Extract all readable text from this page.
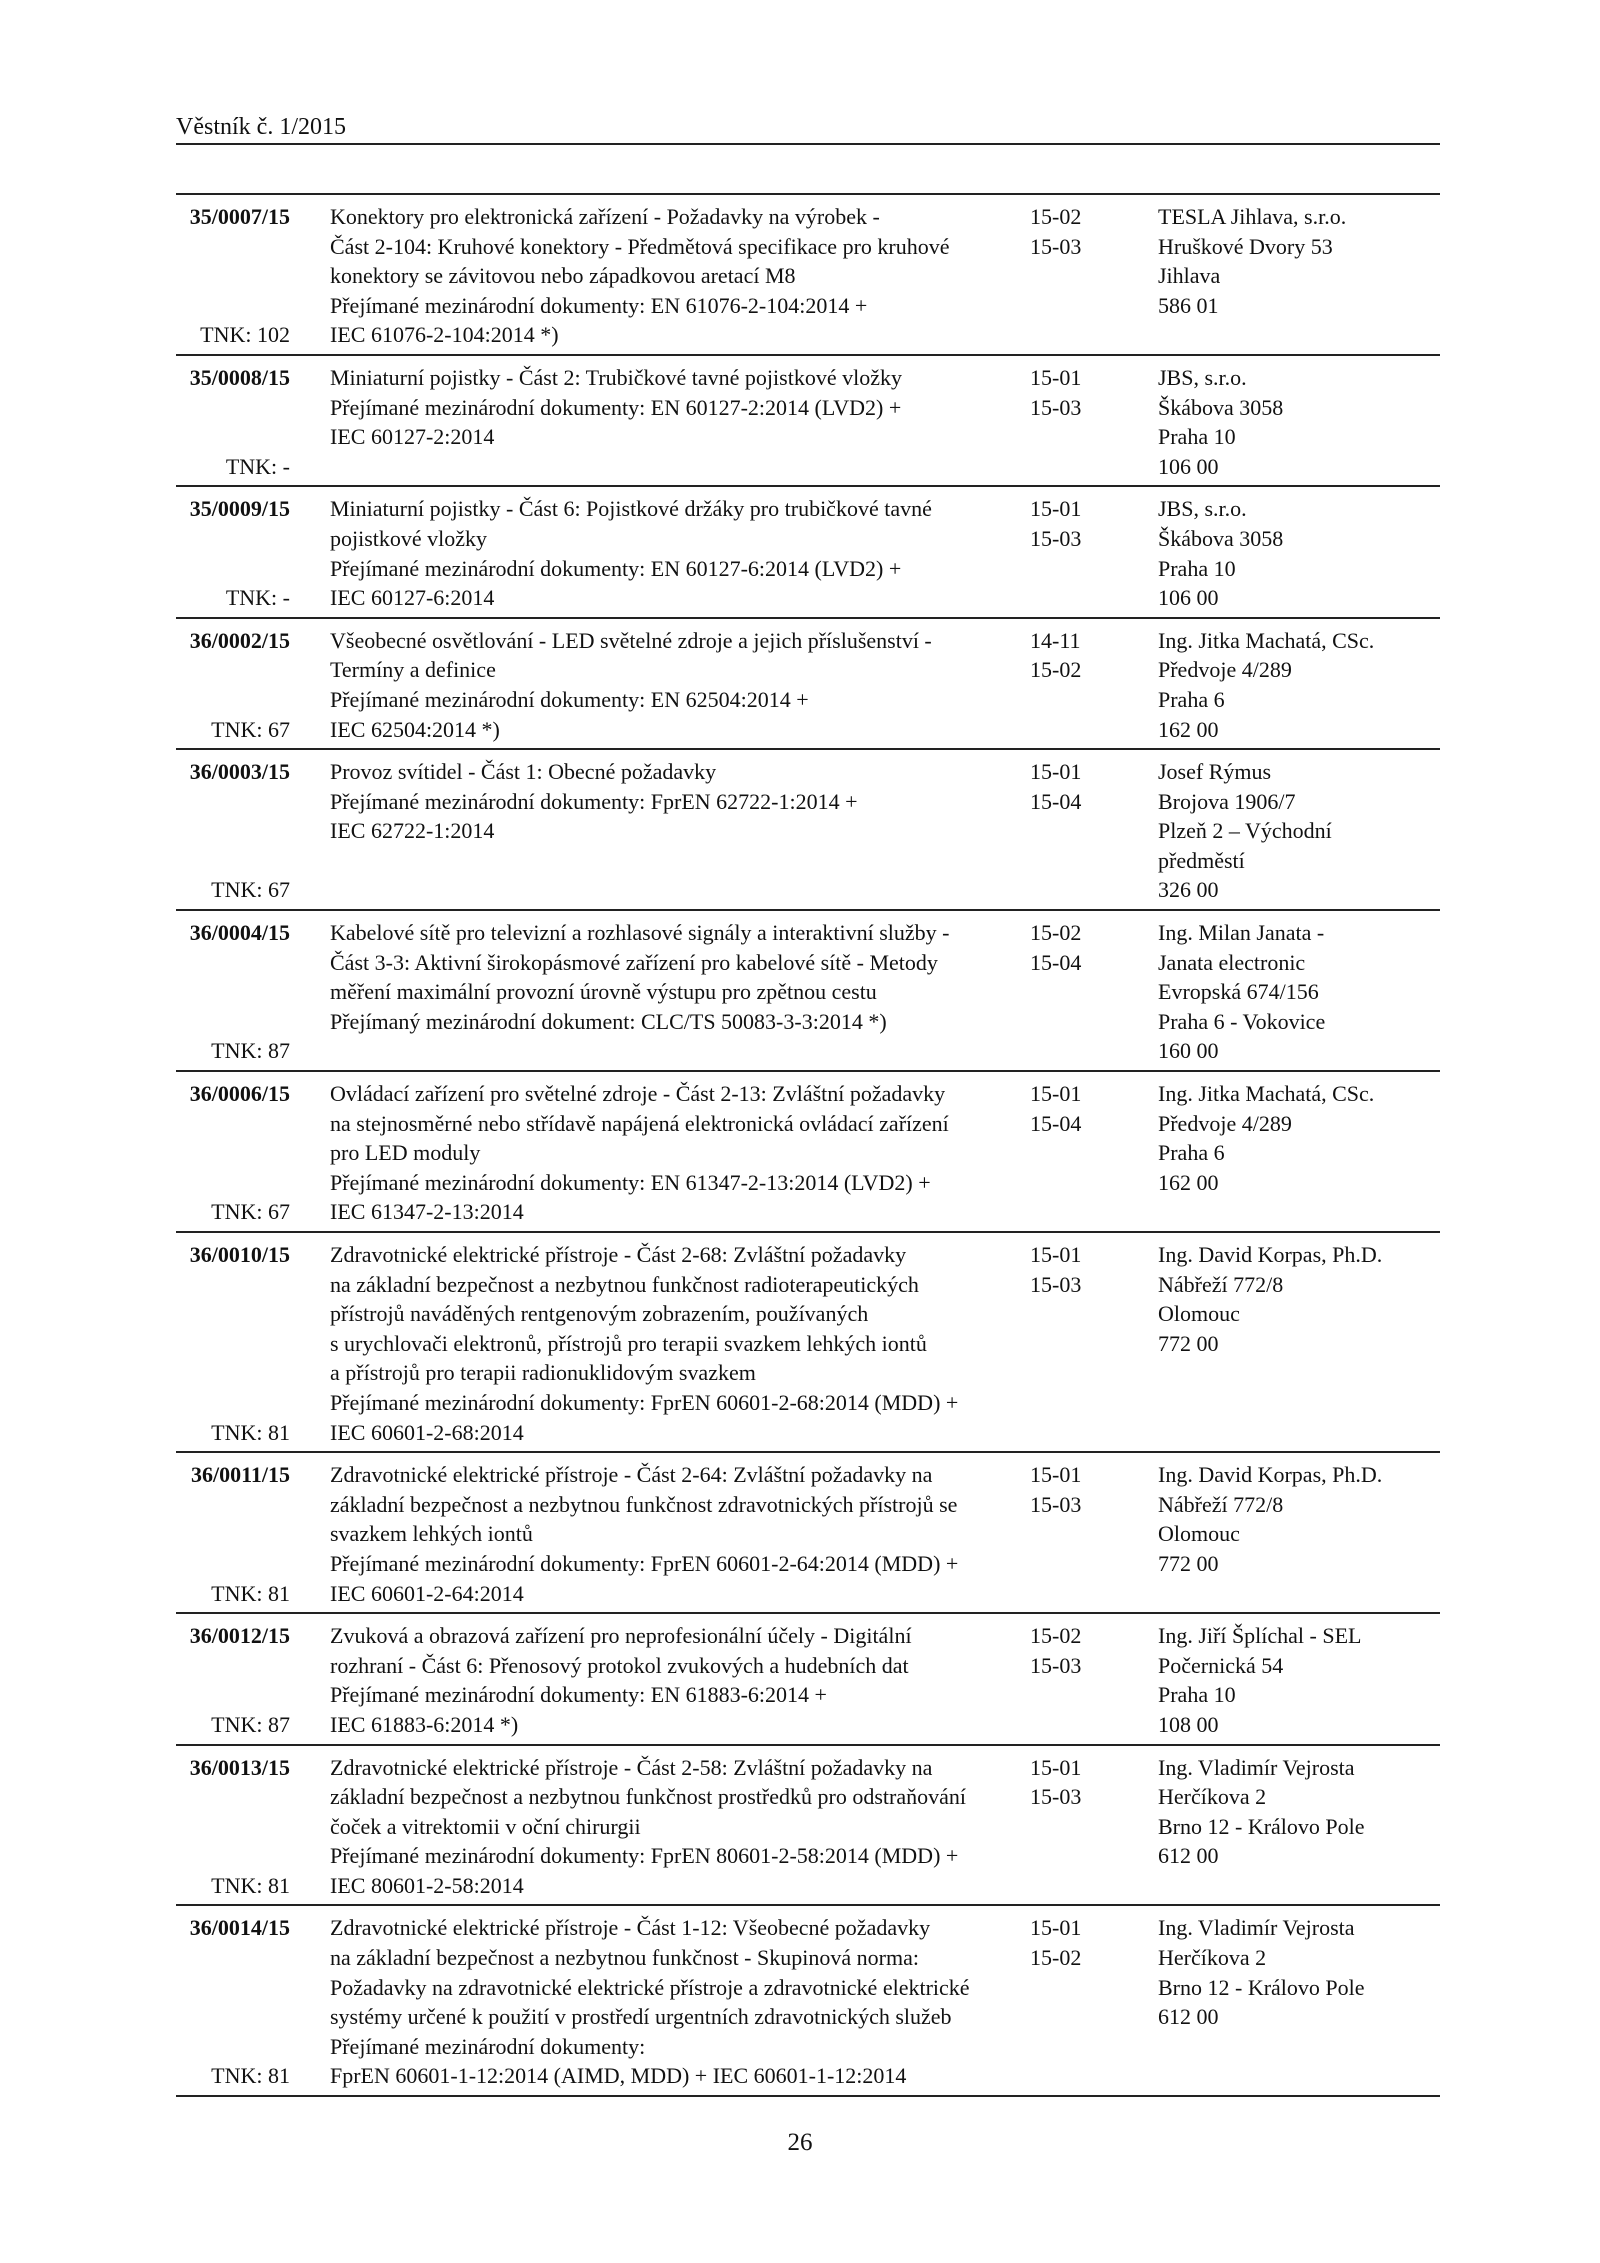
Věstník č. 1/2015
35/0007/15
TNK: 102
Konektory pro elektronická zařízení - Požadavky na výrobek -
Část 2-104: Kruhové konektory - Předmětová specifikace pro kruhové
konektory se závitovou nebo západkovou aretací M8
Přejímané mezinárodní dokumenty: EN 61076-2-104:2014 +
IEC 61076-2-104:2014 *)
15-02
15-03
TESLA Jihlava, s.r.o.
Hruškové Dvory 53
Jihlava
586 01
35/0008/15
TNK: -
Miniaturní pojistky - Část 2: Trubičkové tavné pojistkové vložky
Přejímané mezinárodní dokumenty: EN 60127-2:2014 (LVD2) +
IEC 60127-2:2014
15-01
15-03
JBS, s.r.o.
Škábova 3058
Praha 10
106 00
35/0009/15
TNK: -
Miniaturní pojistky - Část 6: Pojistkové držáky pro trubičkové tavné
pojistkové vložky
Přejímané mezinárodní dokumenty: EN 60127-6:2014 (LVD2) +
IEC 60127-6:2014
15-01
15-03
JBS, s.r.o.
Škábova 3058
Praha 10
106 00
36/0002/15
TNK: 67
Všeobecné osvětlování - LED světelné zdroje a jejich příslušenství -
Termíny a definice
Přejímané mezinárodní dokumenty: EN 62504:2014 +
IEC 62504:2014 *)
14-11
15-02
Ing. Jitka Machatá, CSc.
Předvoje 4/289
Praha 6
162 00
36/0003/15
TNK: 67
Provoz svítidel - Část 1: Obecné požadavky
Přejímané mezinárodní dokumenty: FprEN 62722-1:2014 +
IEC 62722-1:2014
15-01
15-04
Josef Rýmus
Brojova 1906/7
Plzeň 2 – Východní
předměstí
326 00
36/0004/15
TNK: 87
Kabelové sítě pro televizní a rozhlasové signály a interaktivní služby -
Část 3-3: Aktivní širokopásmové zařízení pro kabelové sítě - Metody
měření maximální provozní úrovně výstupu pro zpětnou cestu
Přejímaný mezinárodní dokument: CLC/TS 50083-3-3:2014 *)
15-02
15-04
Ing. Milan Janata -
Janata electronic
Evropská 674/156
Praha 6 - Vokovice
160 00
36/0006/15
TNK: 67
Ovládací zařízení pro světelné zdroje - Část 2-13: Zvláštní požadavky
na stejnosměrné nebo střídavě napájená elektronická ovládací zařízení
pro LED moduly
Přejímané mezinárodní dokumenty: EN 61347-2-13:2014 (LVD2) +
IEC 61347-2-13:2014
15-01
15-04
Ing. Jitka Machatá, CSc.
Předvoje 4/289
Praha 6
162 00
36/0010/15
TNK: 81
Zdravotnické elektrické přístroje - Část 2-68: Zvláštní požadavky
na základní bezpečnost a nezbytnou funkčnost radioterapeutických
přístrojů naváděných rentgenovým zobrazením, používaných
s urychlovači elektronů, přístrojů pro terapii svazkem lehkých iontů
a přístrojů pro terapii radionuklidovým svazkem
Přejímané mezinárodní dokumenty: FprEN 60601-2-68:2014 (MDD) +
IEC 60601-2-68:2014
15-01
15-03
Ing. David Korpas, Ph.D.
Nábřeží 772/8
Olomouc
772 00
36/0011/15
TNK: 81
Zdravotnické elektrické přístroje - Část 2-64: Zvláštní požadavky na
základní bezpečnost a nezbytnou funkčnost zdravotnických přístrojů se
svazkem lehkých iontů
Přejímané mezinárodní dokumenty: FprEN 60601-2-64:2014 (MDD) +
IEC 60601-2-64:2014
15-01
15-03
Ing. David Korpas, Ph.D.
Nábřeží 772/8
Olomouc
772 00
36/0012/15
TNK: 87
Zvuková a obrazová zařízení pro neprofesionální účely - Digitální
rozhraní - Část 6: Přenosový protokol zvukových a hudebních dat
Přejímané mezinárodní dokumenty: EN 61883-6:2014 +
IEC 61883-6:2014 *)
15-02
15-03
Ing. Jiří Šplíchal - SEL
Počernická 54
Praha 10
108 00
36/0013/15
TNK: 81
Zdravotnické elektrické přístroje - Část 2-58: Zvláštní požadavky na
základní bezpečnost a nezbytnou funkčnost prostředků pro odstraňování
čoček a vitrektomii v oční chirurgii
Přejímané mezinárodní dokumenty: FprEN 80601-2-58:2014 (MDD) +
IEC 80601-2-58:2014
15-01
15-03
Ing. Vladimír Vejrosta
Herčíkova 2
Brno 12 - Královo Pole
612 00
36/0014/15
TNK: 81
Zdravotnické elektrické přístroje - Část 1-12: Všeobecné požadavky
na základní bezpečnost a nezbytnou funkčnost - Skupinová norma:
Požadavky na zdravotnické elektrické přístroje a zdravotnické elektrické
systémy určené k použití v prostředí urgentních zdravotnických služeb
Přejímané mezinárodní dokumenty:
FprEN 60601-1-12:2014 (AIMD, MDD) + IEC 60601-1-12:2014
15-01
15-02
Ing. Vladimír Vejrosta
Herčíkova 2
Brno 12 - Královo Pole
612 00
26
